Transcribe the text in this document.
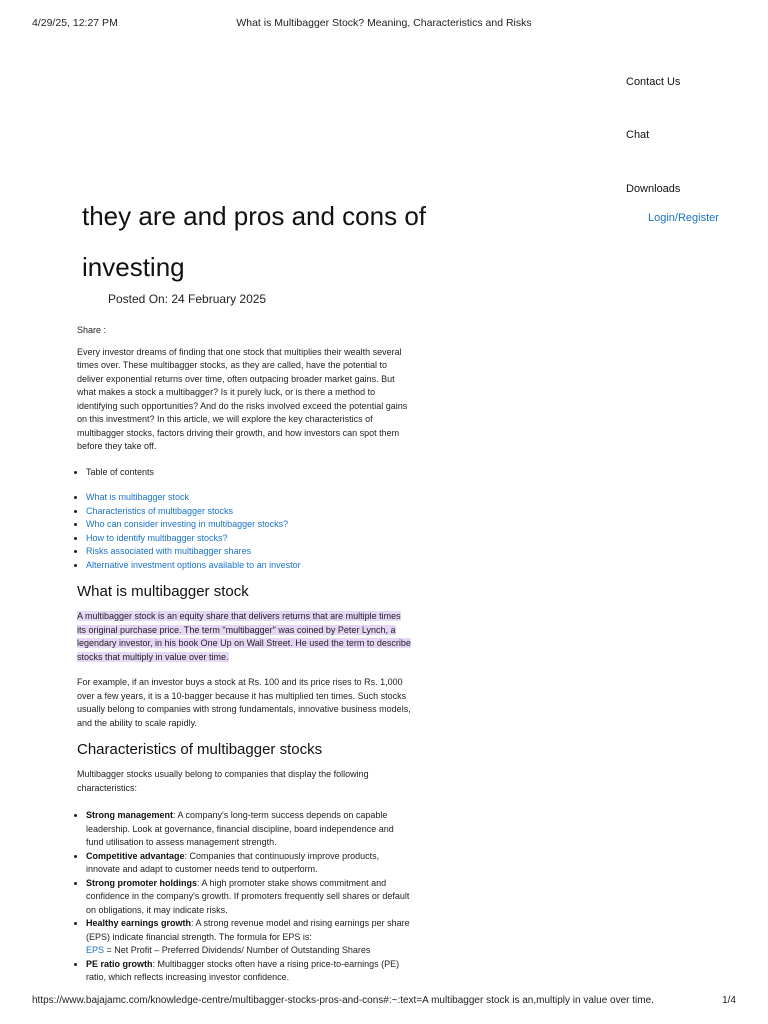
4/29/25, 12:27 PM	What is Multibagger Stock? Meaning, Characteristics and Risks
Contact Us
Chat
Downloads
Login/Register
they are and pros and cons of
investing
Posted On: 24 February 2025

Share :

Every investor dreams of finding that one stock that multiplies their wealth several times over. These multibagger stocks, as they are called, have the potential to deliver exponential returns over time, often outpacing broader market gains. But what makes a stock a multibagger? Is it purely luck, or is there a method to identifying such opportunities? And do the risks involved exceed the potential gains on this investment? In this article, we will explore the key characteristics of multibagger stocks, factors driving their growth, and how investors can spot them before they take off.

• Table of contents
• What is multibagger stock
• Characteristics of multibagger stocks
• Who can consider investing in multibagger stocks?
• How to identify multibagger stocks?
• Risks associated with multibagger shares
• Alternative investment options available to an investor
What is multibagger stock

A multibagger stock is an equity share that delivers returns that are multiple times its original purchase price. The term "multibagger" was coined by Peter Lynch, a legendary investor, in his book One Up on Wall Street. He used the term to describe stocks that multiply in value over time.

For example, if an investor buys a stock at Rs. 100 and its price rises to Rs. 1,000 over a few years, it is a 10-bagger because it has multiplied ten times. Such stocks usually belong to companies with strong fundamentals, innovative business models, and the ability to scale rapidly.

Characteristics of multibagger stocks

Multibagger stocks usually belong to companies that display the following characteristics:

• Strong management: A company's long-term success depends on capable leadership. Look at governance, financial discipline, board independence and fund utilisation to assess management strength.
• Competitive advantage: Companies that continuously improve products, innovate and adapt to customer needs tend to outperform.
• Strong promoter holdings: A high promoter stake shows commitment and confidence in the company's growth. If promoters frequently sell shares or default on obligations, it may indicate risks.
• Healthy earnings growth: A strong revenue model and rising earnings per share (EPS) indicate financial strength. The formula for EPS is:
EPS = Net Profit – Preferred Dividends/ Number of Outstanding Shares
• PE ratio growth: Multibagger stocks often have a rising price-to-earnings (PE) ratio, which reflects increasing investor confidence.
https://www.bajajamc.com/knowledge-centre/multibagger-stocks-pros-and-cons#:~:text=A multibagger stock is an,multiply in value over time.	1/4
